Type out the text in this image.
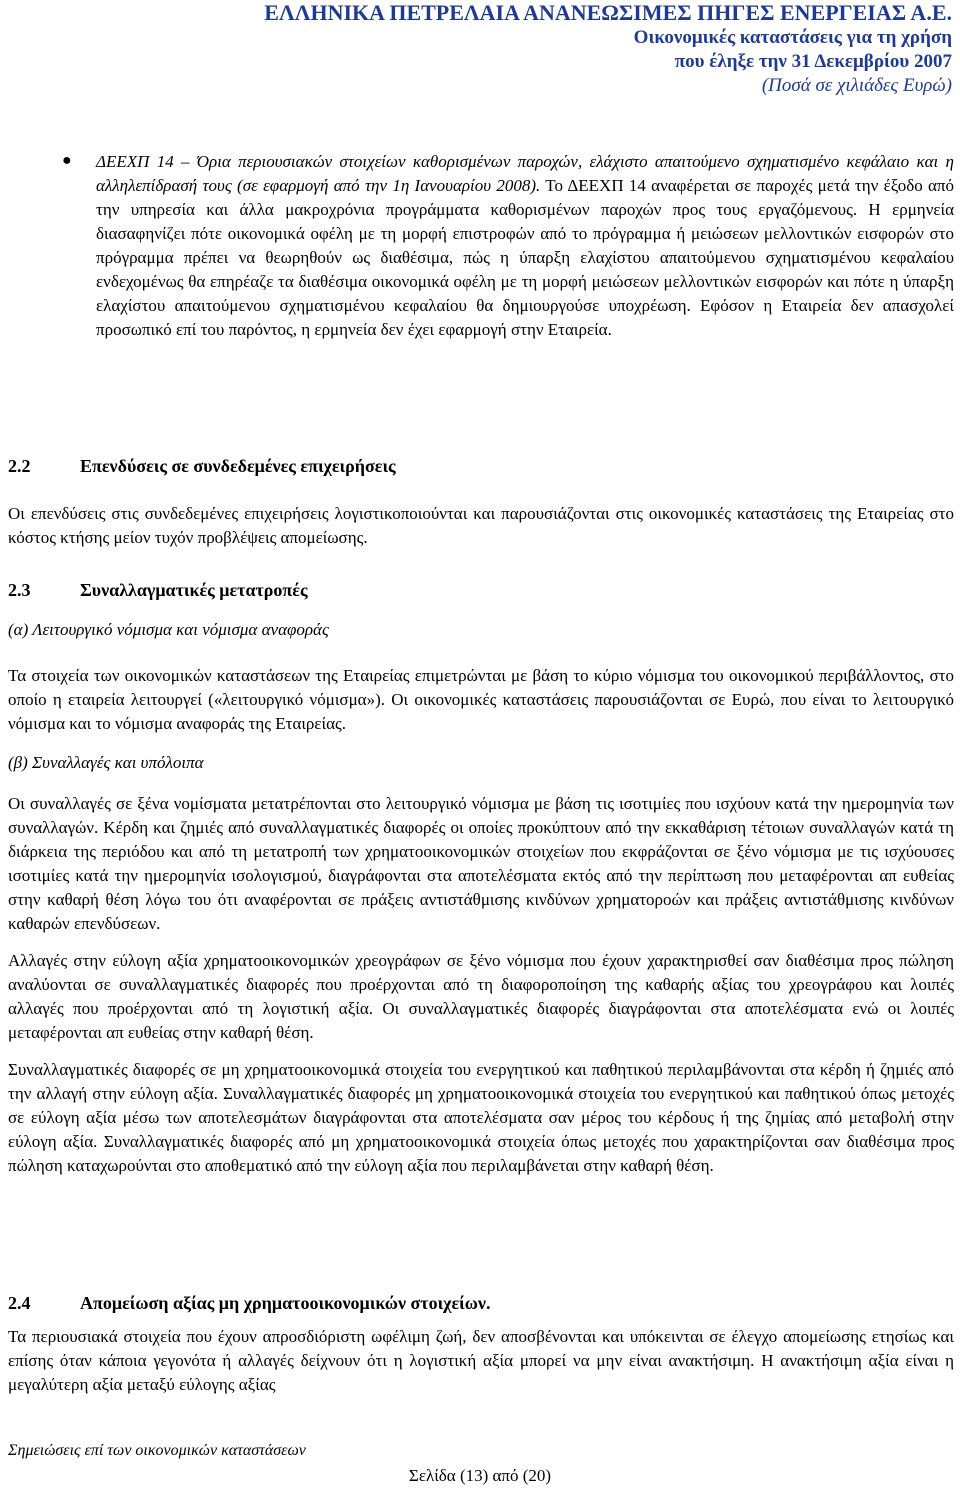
ΕΛΛΗΝΙΚΑ ΠΕΤΡΕΛΑΙΑ ΑΝΑΝΕΩΣΙΜΕΣ ΠΗΓΕΣ ΕΝΕΡΓΕΙΑΣ Α.Ε.
Οικονομικές καταστάσεις για τη χρήση
που έληξε την 31 Δεκεμβρίου 2007
(Ποσά σε χιλιάδες Ευρώ)
● ΔΕΕΧΠ 14 – Όρια περιουσιακών στοιχείων καθορισμένων παροχών, ελάχιστο απαιτούμενο σχηματισμένο κεφάλαιο και η αλληλεπίδρασή τους (σε εφαρμογή από την 1η Ιανουαρίου 2008). Το ΔΕΕΧΠ 14 αναφέρεται σε παροχές μετά την έξοδο από την υπηρεσία και άλλα μακροχρόνια προγράμματα καθορισμένων παροχών προς τους εργαζόμενους. Η ερμηνεία διασαφηνίζει πότε οικονομικά οφέλη με τη μορφή επιστροφών από το πρόγραμμα ή μειώσεων μελλοντικών εισφορών στο πρόγραμμα πρέπει να θεωρηθούν ως διαθέσιμα, πώς η ύπαρξη ελαχίστου απαιτούμενου σχηματισμένου κεφαλαίου ενδεχομένως θα επηρέαζε τα διαθέσιμα οικονομικά οφέλη με τη μορφή μειώσεων μελλοντικών εισφορών και πότε η ύπαρξη ελαχίστου απαιτούμενου σχηματισμένου κεφαλαίου θα δημιουργούσε υποχρέωση. Εφόσον η Εταιρεία δεν απασχολεί προσωπικό επί του παρόντος, η ερμηνεία δεν έχει εφαρμογή στην Εταιρεία.
2.2	Επενδύσεις σε συνδεδεμένες επιχειρήσεις
Οι επενδύσεις στις συνδεδεμένες επιχειρήσεις λογιστικοποιούνται και παρουσιάζονται στις οικονομικές καταστάσεις της Εταιρείας στο κόστος κτήσης μείον τυχόν προβλέψεις απομείωσης.
2.3	Συναλλαγματικές μετατροπές
(α) Λειτουργικό νόμισμα και νόμισμα αναφοράς
Τα στοιχεία των οικονομικών καταστάσεων της Εταιρείας επιμετρώνται με βάση το κύριο νόμισμα του οικονομικού περιβάλλοντος, στο οποίο η εταιρεία λειτουργεί («λειτουργικό νόμισμα»). Οι οικονομικές καταστάσεις παρουσιάζονται σε Ευρώ, που είναι το λειτουργικό νόμισμα και το νόμισμα αναφοράς της Εταιρείας.
(β) Συναλλαγές και υπόλοιπα
Οι συναλλαγές σε ξένα νομίσματα μετατρέπονται στο λειτουργικό νόμισμα με βάση τις ισοτιμίες που ισχύουν κατά την ημερομηνία των συναλλαγών. Κέρδη και ζημιές από συναλλαγματικές διαφορές οι οποίες προκύπτουν από την εκκαθάριση τέτοιων συναλλαγών κατά τη διάρκεια της περιόδου και από τη μετατροπή των χρηματοοικονομικών στοιχείων που εκφράζονται σε ξένο νόμισμα με τις ισχύουσες ισοτιμίες κατά την ημερομηνία ισολογισμού, διαγράφονται στα αποτελέσματα εκτός από την περίπτωση που μεταφέρονται απ ευθείας στην καθαρή θέση λόγω του ότι αναφέρονται σε πράξεις αντιστάθμισης κινδύνων χρηματοροών και πράξεις αντιστάθμισης κινδύνων καθαρών επενδύσεων.
Αλλαγές στην εύλογη αξία χρηματοοικονομικών χρεογράφων σε ξένο νόμισμα που έχουν χαρακτηρισθεί σαν διαθέσιμα προς πώληση αναλύονται σε συναλλαγματικές διαφορές που προέρχονται από τη διαφοροποίηση της καθαρής αξίας του χρεογράφου και λοιπές αλλαγές που προέρχονται από τη λογιστική αξία. Οι συναλλαγματικές διαφορές διαγράφονται στα αποτελέσματα ενώ οι λοιπές μεταφέρονται απ ευθείας στην καθαρή θέση.
Συναλλαγματικές διαφορές σε μη χρηματοοικονομικά στοιχεία του ενεργητικού και παθητικού περιλαμβάνονται στα κέρδη ή ζημιές από την αλλαγή στην εύλογη αξία. Συναλλαγματικές διαφορές μη χρηματοοικονομικά στοιχεία του ενεργητικού και παθητικού όπως μετοχές σε εύλογη αξία μέσω των αποτελεσμάτων διαγράφονται στα αποτελέσματα σαν μέρος του κέρδους ή της ζημίας από μεταβολή στην εύλογη αξία. Συναλλαγματικές διαφορές από μη χρηματοοικονομικά στοιχεία όπως μετοχές που χαρακτηρίζονται σαν διαθέσιμα προς πώληση καταχωρούνται στο αποθεματικό από την εύλογη αξία που περιλαμβάνεται στην καθαρή θέση.
2.4	Απομείωση αξίας μη χρηματοοικονομικών στοιχείων.
Τα περιουσιακά στοιχεία που έχουν απροσδιόριστη ωφέλιμη ζωή, δεν αποσβένονται και υπόκεινται σε έλεγχο απομείωσης ετησίως και επίσης όταν κάποια γεγονότα ή αλλαγές δείχνουν ότι η λογιστική αξία μπορεί να μην είναι ανακτήσιμη. Η ανακτήσιμη αξία είναι η μεγαλύτερη αξία μεταξύ εύλογης αξίας
Σημειώσεις επί των οικονομικών καταστάσεων
Σελίδα (13) από (20)
